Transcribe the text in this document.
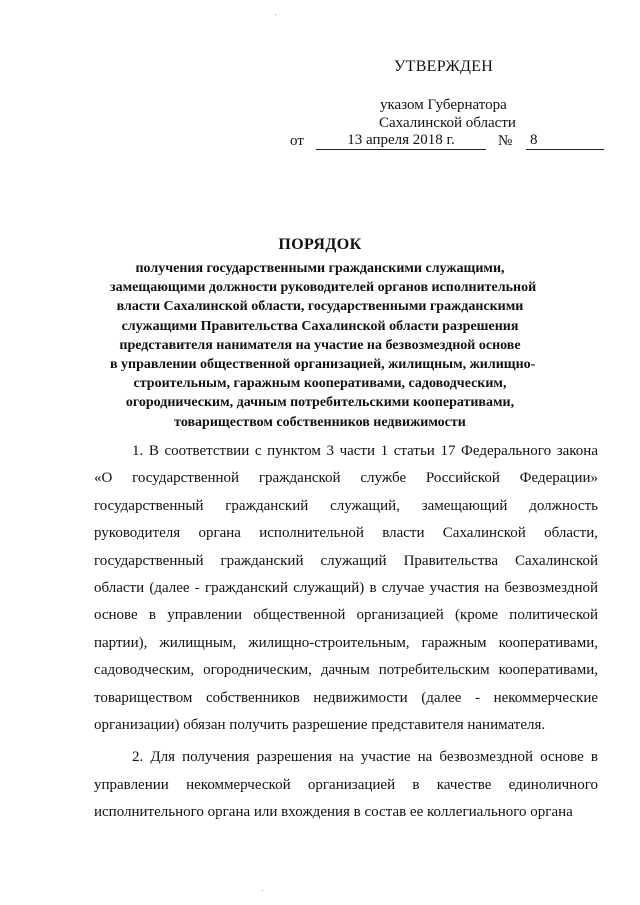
УТВЕРЖДЕН
указом Губернатора
Сахалинской области
от	13 апреля 2018 г.	№	8
ПОРЯДОК
получения государственными гражданскими служащими,
замещающими должности руководителей органов исполнительной
власти Сахалинской области, государственными гражданскими
служащими Правительства Сахалинской области разрешения
представителя нанимателя на участие на безвозмездной основе
в управлении общественной организацией, жилищным, жилищно-
строительным, гаражным кооперативами, садоводческим,
огородническим, дачным потребительскими кооперативами,
товариществом собственников недвижимости

1. В соответствии с пунктом 3 части 1 статьи 17 Федерального закона «О государственной гражданской службе Российской Федерации» государственный гражданский служащий, замещающий должность руководителя органа исполнительной власти Сахалинской области, государственный гражданский служащий Правительства Сахалинской области (далее - гражданский служащий) в случае участия на безвозмездной основе в управлении общественной организацией (кроме политической партии), жилищным, жилищно-строительным, гаражным кооперативами, садоводческим, огородническим, дачным потребительским кооперативами, товариществом собственников недвижимости (далее - некоммерческие организации) обязан получить разрешение представителя нанимателя.

2. Для получения разрешения на участие на безвозмездной основе в управлении некоммерческой организацией в качестве единоличного исполнительного органа или вхождения в состав ее коллегиального органа
